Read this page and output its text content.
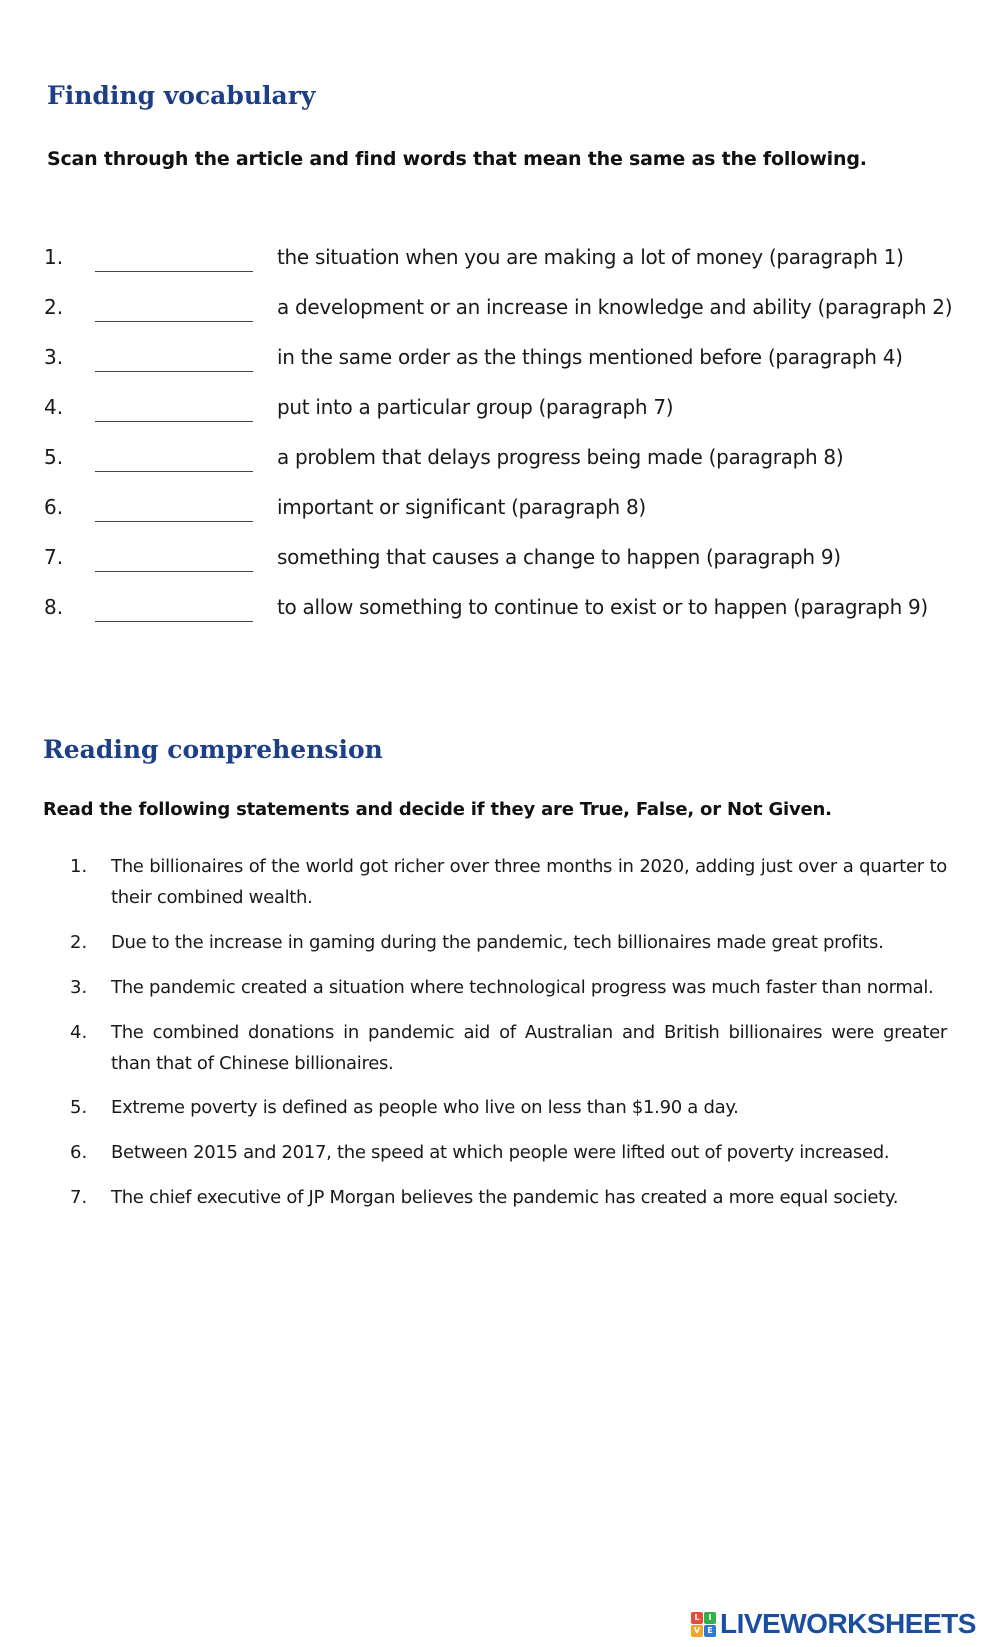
Finding vocabulary

Scan through the article and find words that mean the same as the following.

1.	the situation when you are making a lot of money (paragraph 1)
2.	a development or an increase in knowledge and ability (paragraph 2)
3.	in the same order as the things mentioned before (paragraph 4)
4.	put into a particular group (paragraph 7)
5.	a problem that delays progress being made (paragraph 8)
6.	important or significant (paragraph 8)
7.	something that causes a change to happen (paragraph 9)
8.	to allow something to continue to exist or to happen (paragraph 9)
Reading comprehension

Read the following statements and decide if they are True, False, or Not Given.

1. The billionaires of the world got richer over three months in 2020, adding just over a quarter to their combined wealth.
2. Due to the increase in gaming during the pandemic, tech billionaires made great profits.
3. The pandemic created a situation where technological progress was much faster than normal.
4. The combined donations in pandemic aid of Australian and British billionaires were greater than that of Chinese billionaires.
5. Extreme poverty is defined as people who live on less than $1.90 a day.
6. Between 2015 and 2017, the speed at which people were lifted out of poverty increased.
7. The chief executive of JP Morgan believes the pandemic has created a more equal society.
L	I
V E LIVEWORKSHEETS
